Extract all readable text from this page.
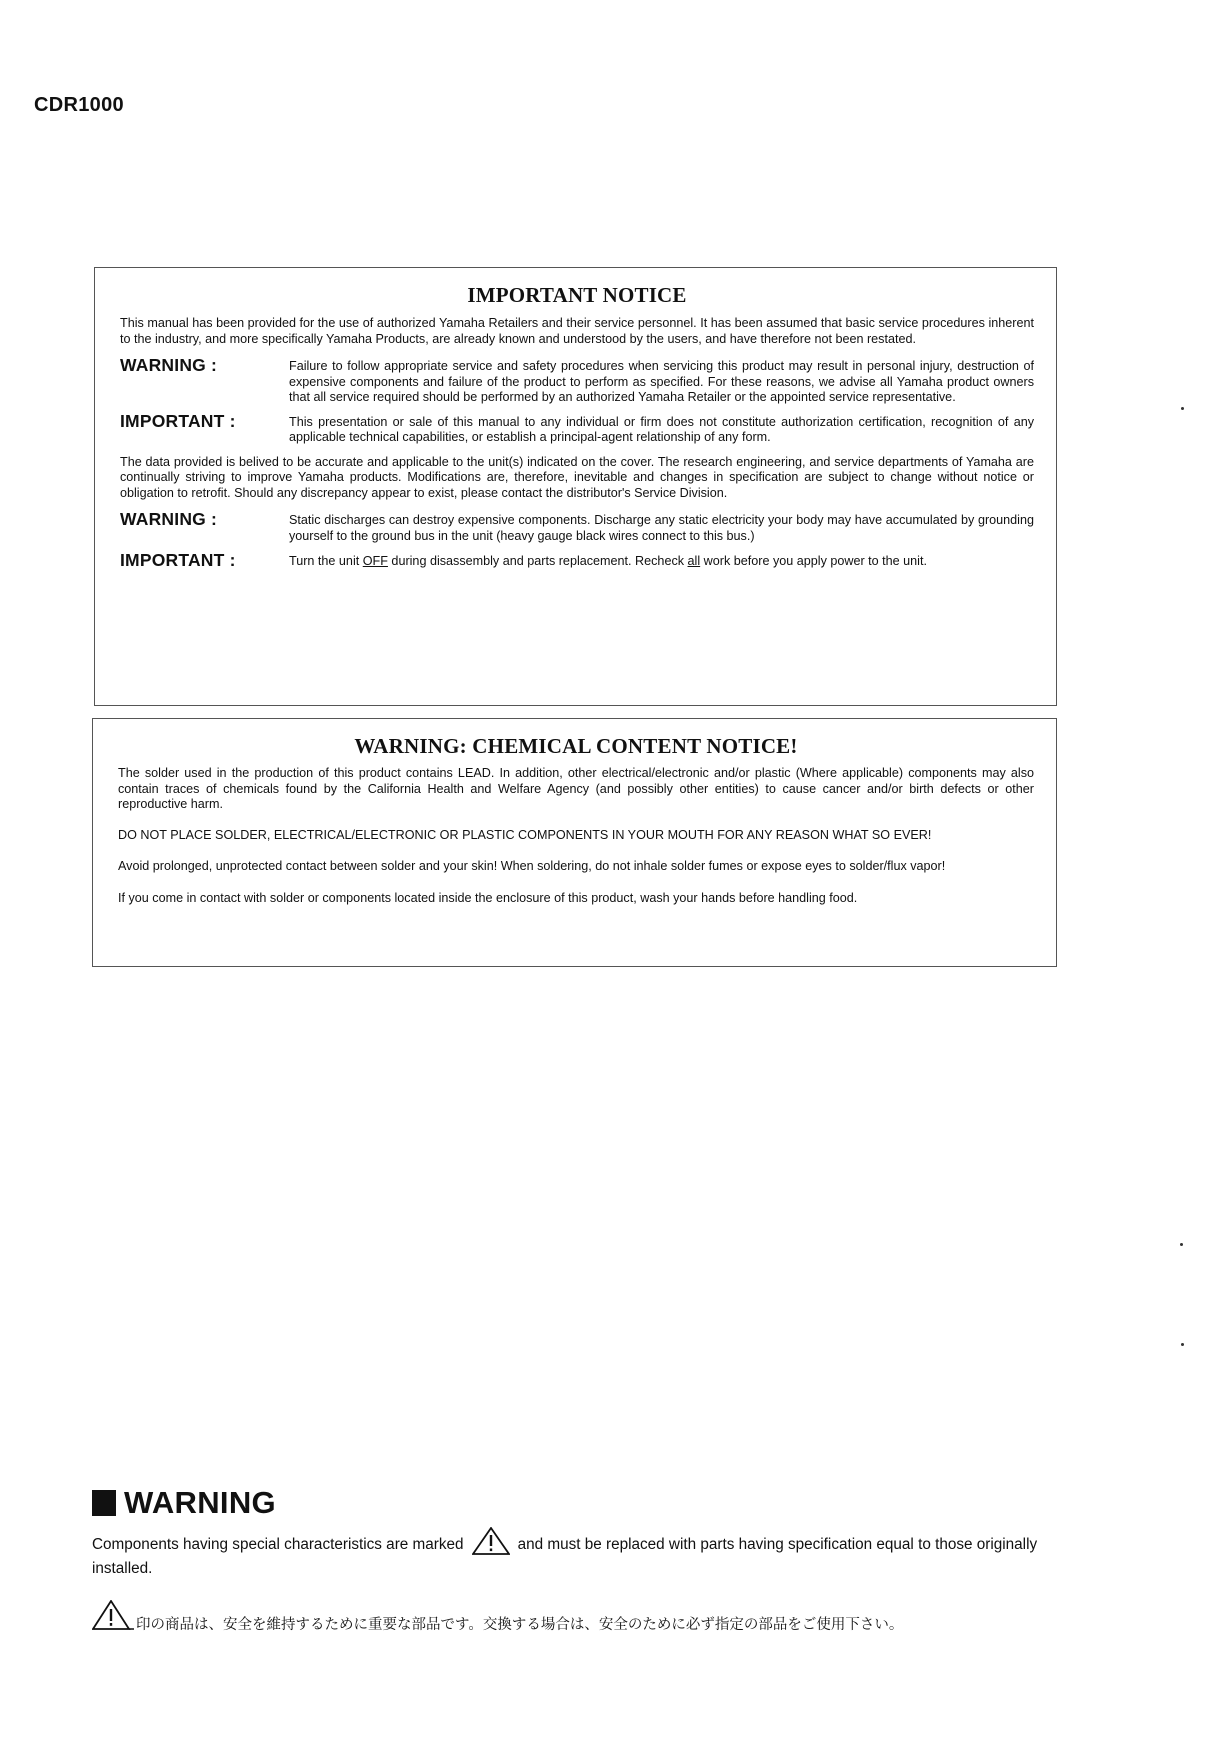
CDR1000
IMPORTANT NOTICE

This manual has been provided for the use of authorized Yamaha Retailers and their service personnel. It has been assumed that basic service procedures inherent to the industry, and more specifically Yamaha Products, are already known and understood by the users, and have therefore not been restated.

WARNING :	Failure to follow appropriate service and safety procedures when servicing this product may result in personal injury, destruction of expensive components and failure of the product to perform as specified. For these reasons, we advise all Yamaha product owners that all service required should be performed by an authorized Yamaha Retailer or the appointed service representative.
IMPORTANT :	This presentation or sale of this manual to any individual or firm does not constitute authorization certification, recognition of any applicable technical capabilities, or establish a principal-agent relationship of any form.

The data provided is belived to be accurate and applicable to the unit(s) indicated on the cover. The research engineering, and service departments of Yamaha are continually striving to improve Yamaha products. Modifications are, therefore, inevitable and changes in specification are subject to change without notice or obligation to retrofit. Should any discrepancy appear to exist, please contact the distributor's Service Division.

WARNING :	Static discharges can destroy expensive components. Discharge any static electricity your body may have accumulated by grounding yourself to the ground bus in the unit (heavy gauge black wires connect to this bus.)
IMPORTANT :	Turn the unit OFF during disassembly and parts replacement. Recheck all work before you apply power to the unit.
WARNING: CHEMICAL CONTENT NOTICE!

The solder used in the production of this product contains LEAD. In addition, other electrical/electronic and/or plastic (Where applicable) components may also contain traces of chemicals found by the California Health and Welfare Agency (and possibly other entities) to cause cancer and/or birth defects or other reproductive harm.

DO NOT PLACE SOLDER, ELECTRICAL/ELECTRONIC OR PLASTIC COMPONENTS IN YOUR MOUTH FOR ANY REASON WHAT SO EVER!

Avoid prolonged, unprotected contact between solder and your skin! When soldering, do not inhale solder fumes or expose eyes to solder/flux vapor!

If you come in contact with solder or components located inside the enclosure of this product, wash your hands before handling food.

WARNING
Components having special characteristics are marked	and must be replaced with parts having specification equal to those originally installed.
印の商品は、安全を維持するために重要な部品です。交換する場合は、安全のために必ず指定の部品をご使用下さい。
